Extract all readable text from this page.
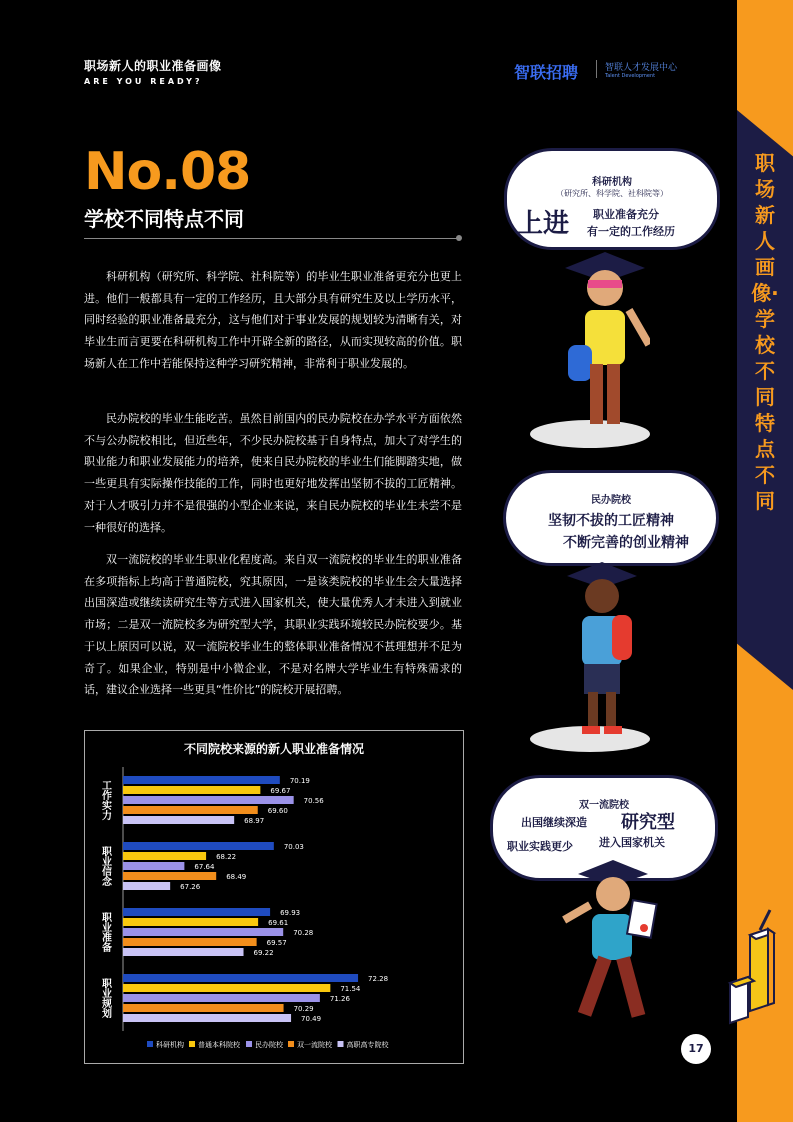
职场新人的职业准备画像
ARE YOU READY?	智联招聘	智联人才发展中心
Talent Development
职场新人画像·学校不同特点不同
17
No.08
学校不同特点不同
科研机构（研究所、科学院、社科院等）的毕业生职业准备更充分也更上进。他们一般都具有一定的工作经历，且大部分具有研究生及以上学历水平，同时经验的职业准备最充分，这与他们对于事业发展的规划较为清晰有关，对毕业生而言更要在科研机构工作中开辟全新的路径，从而实现较高的价值。职场新人在工作中若能保持这种学习研究精神，非常利于职业发展的。
民办院校的毕业生能吃苦。虽然目前国内的民办院校在办学水平方面依然不与公办院校相比，但近些年，不少民办院校基于自身特点，加大了对学生的职业能力和职业发展能力的培养，使来自民办院校的毕业生们能脚踏实地，做一些更具有实际操作技能的工作，同时也更好地发挥出坚韧不拔的工匠精神。对于人才吸引力并不是很强的小型企业来说，来自民办院校的毕业生未尝不是一种很好的选择。
双一流院校的毕业生职业化程度高。来自双一流院校的毕业生的职业准备在多项指标上均高于普通院校，究其原因，一是该类院校的毕业生会大量选择出国深造或继续读研究生等方式进入国家机关，使大量优秀人才未进入到就业市场；二是双一流院校多为研究型大学，其职业实践环境较民办院校要少。基于以上原因可以说，双一流院校毕业生的整体职业准备情况不甚理想并不足为奇了。如果企业，特别是中小微企业，不是对名牌大学毕业生有特殊需求的话，建议企业选择一些更具“性价比”的院校开展招聘。
不同院校来源的新人职业准备情况
工作实力	70.19
69.67
70.56
69.60
68.97
职业信念	70.03
68.22
67.64
68.49
67.26
职业准备	69.93
69.61
70.28
69.57
69.22
职业规划	72.28
71.54
71.26
70.29
70.49
科研机构 普通本科院校 民办院校 双一流院校 高职高专院校
科研机构
（研究所、科学院、社科院等）
上进 职业准备充分
有一定的工作经历
民办院校
坚韧不拔的工匠精神
不断完善的创业精神
双一流院校
出国继续深造 研究型
职业实践更少 进入国家机关
